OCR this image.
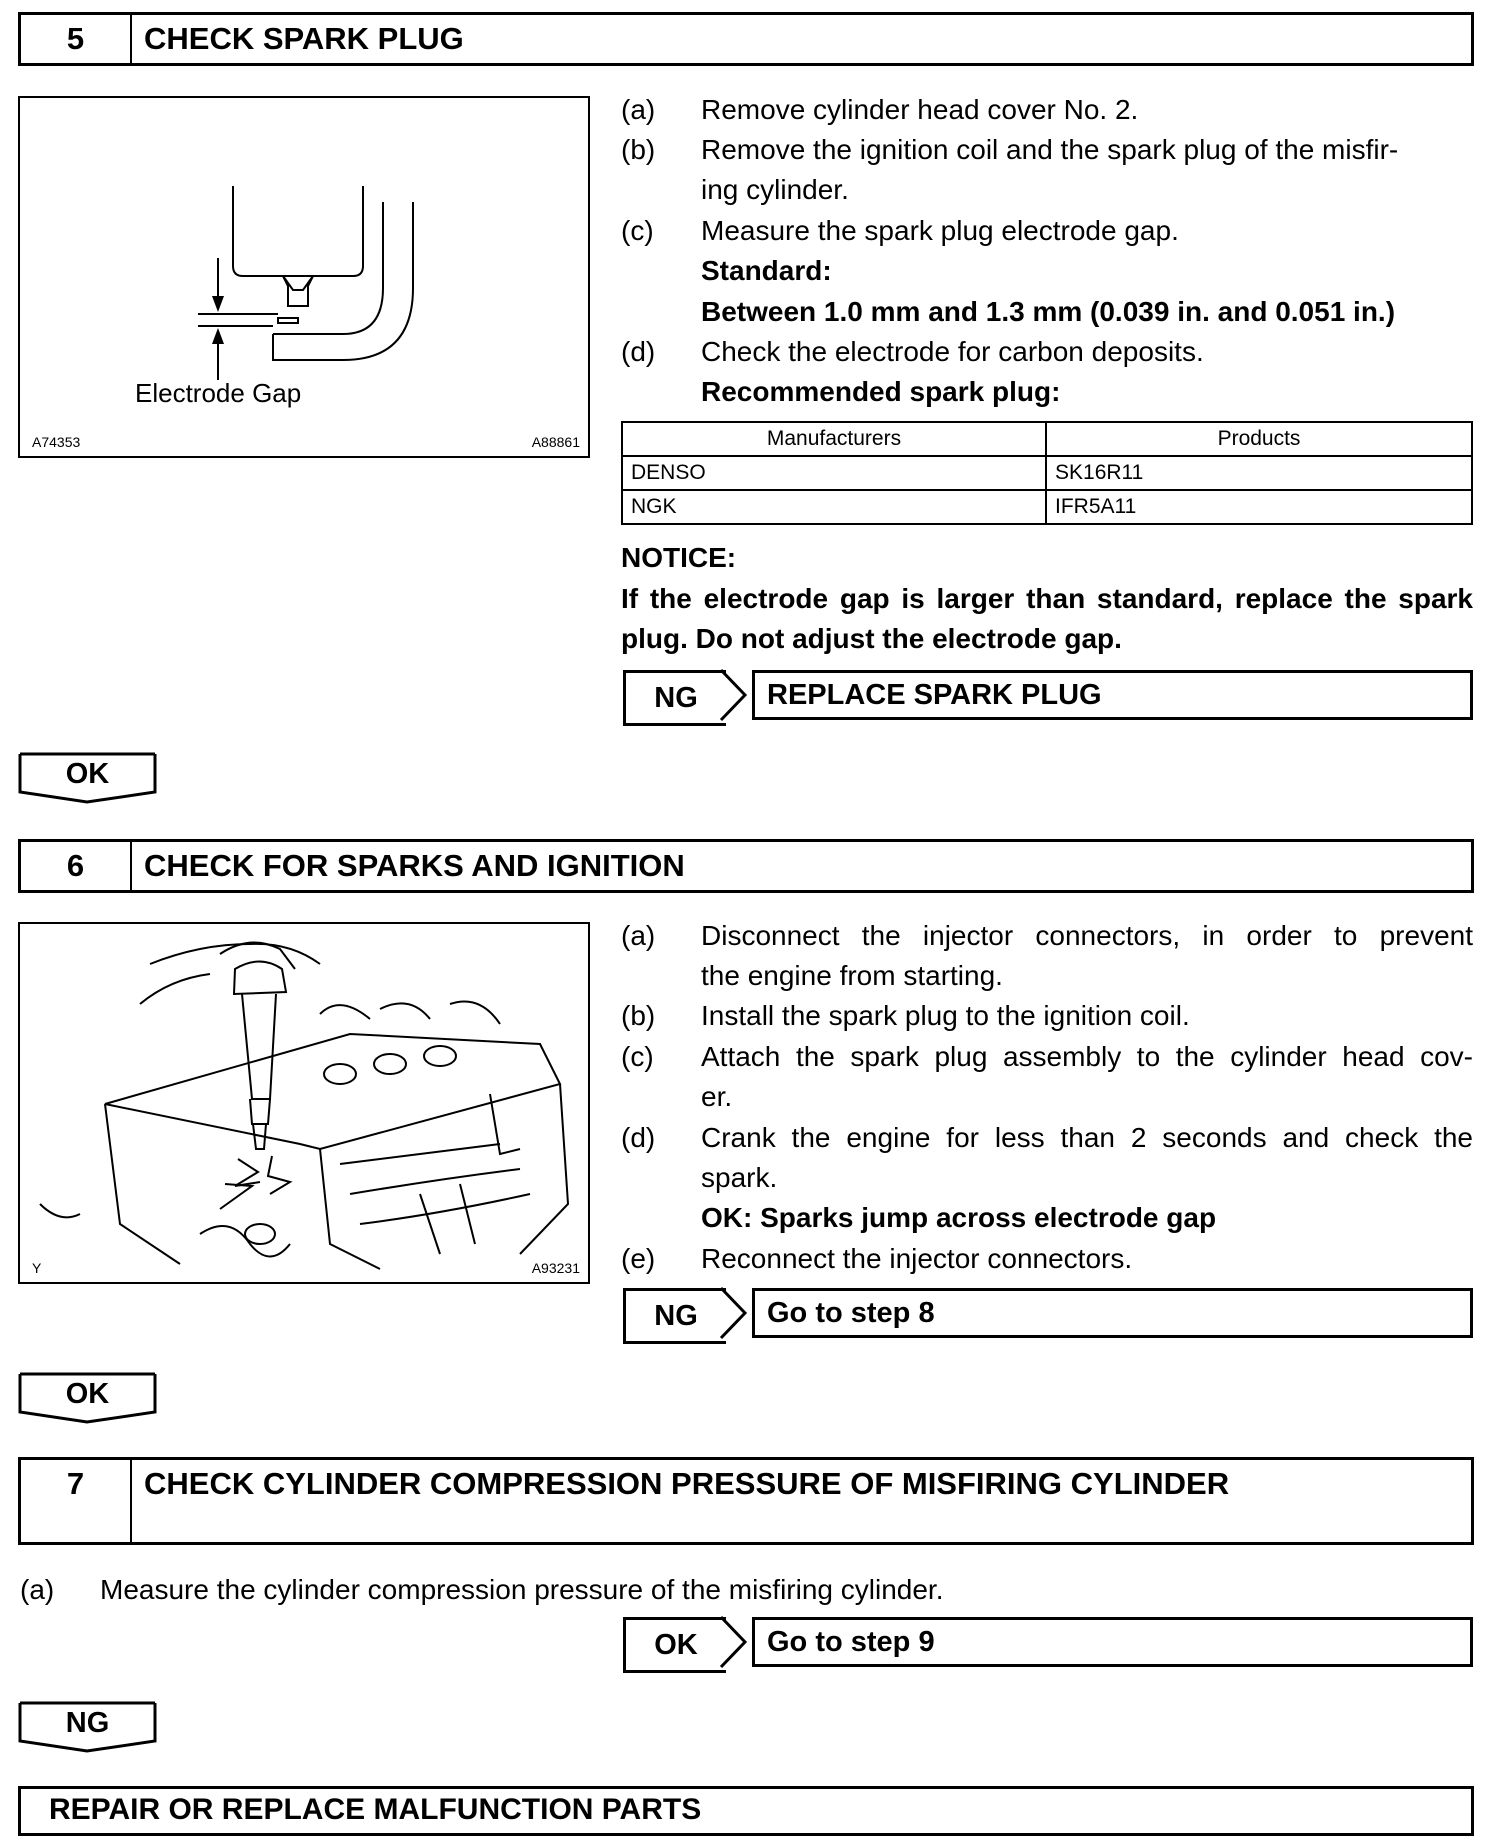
5	CHECK SPARK PLUG
Electrode Gap
A74353	A88861
(a) Remove cylinder head cover No. 2.
(b) Remove the ignition coil and the spark plug of the misfir-
ing cylinder.
(c) Measure the spark plug electrode gap.
Standard:
Between 1.0 mm and 1.3 mm (0.039 in. and 0.051 in.)
(d) Check the electrode for carbon deposits.
Recommended spark plug:
Manufacturers	Products
DENSO	SK16R11
NGK	IFR5A11
NOTICE:
If the electrode gap is larger than standard, replace the spark plug. Do not adjust the electrode gap.
NG	REPLACE SPARK PLUG
OK
6	CHECK FOR SPARKS AND IGNITION
Y	A93231
(a) Disconnect the injector connectors, in order to prevent
the engine from starting.
(b) Install the spark plug to the ignition coil.
(c) Attach the spark plug assembly to the cylinder head cov-
er.
(d) Crank the engine for less than 2 seconds and check the
spark.
OK: Sparks jump across electrode gap
(e) Reconnect the injector connectors.
NG	Go to step 8
OK
7	CHECK CYLINDER COMPRESSION PRESSURE OF MISFIRING CYLINDER
(a) Measure the cylinder compression pressure of the misfiring cylinder.
OK	Go to step 9
NG
REPAIR OR REPLACE MALFUNCTION PARTS
